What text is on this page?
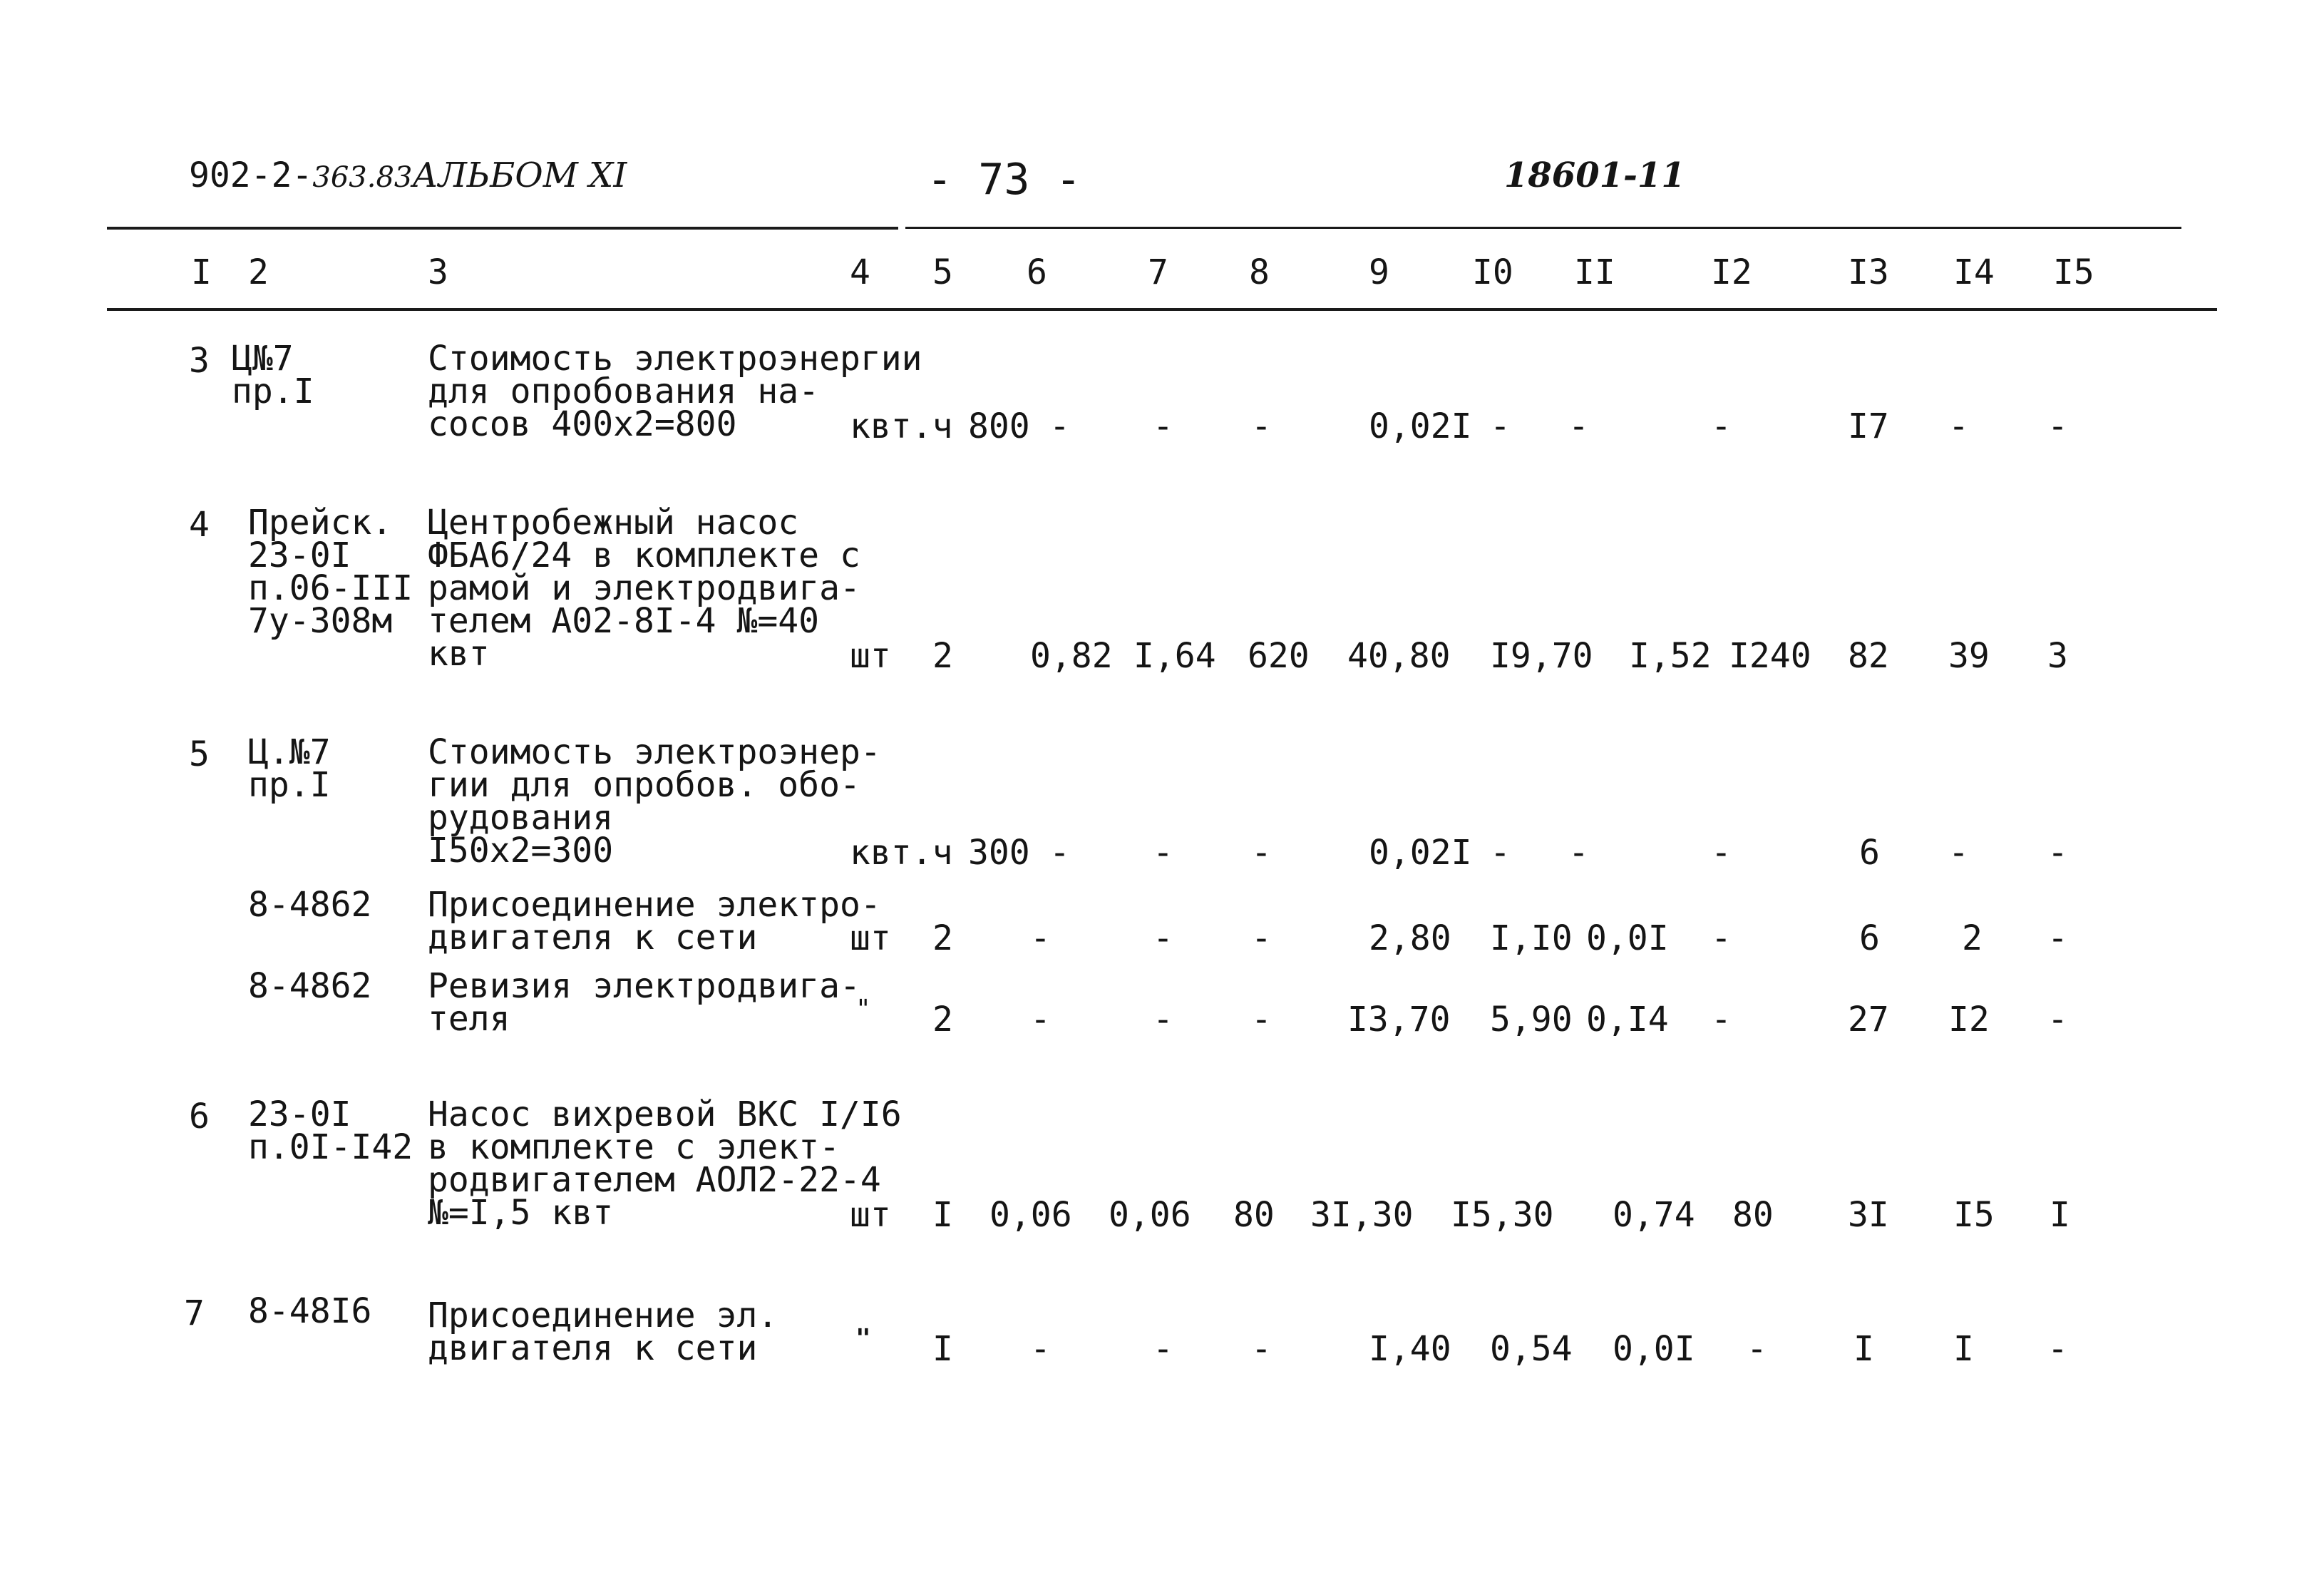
902-2-363.83АЛЬБОМ XI	- 73 -	18601-11
I 2	3	4 5 6	7 8	9 I0 II	I2	I3 I4 I5
3 Ц№7
пр.I
Стоимость электроэнергии
для опробования на-
сосов 400х2=800	квт.ч 800 - - -	0,02I - -	-	I7 - -
4 Прейск.
23-0I
п.06-III
7у-308м
Центробежный насос
ФБА6/24 в комплекте с
рамой и электродвига-
телем А02-8I-4 №=40
квт	шт 2 0,82 I,64 620 40,80 I9,70 I,52 I240 82 39 3
5 Ц.№7
пр.I
Стоимость электроэнер-
гии для опробов. обо-
рудования
I50х2=300	квт.ч 300 - - -	0,02I - -	-	6 - -
8-4862 Присоединение электро-
двигателя к сети	шт 2 -	- -	2,80 I,I0 0,0I -	6 2 -
8-4862 Ревизия электродвига-
теля	" 2 -	- - I3,70 5,90 0,I4 -	27 I2 -
6 23-0I
п.0I-I42
Насос вихревой ВКС I/I6
в комплекте с элект-
родвигателем АОЛ2-22-4
№=I,5 квт	шт I 0,06 0,06 80 3I,30 I5,30 0,74 80 3I I5 I
7 8-48I6 Присоединение эл.
двигателя к сети	" I -	- -	I,40 0,54 0,0I -	I I -
